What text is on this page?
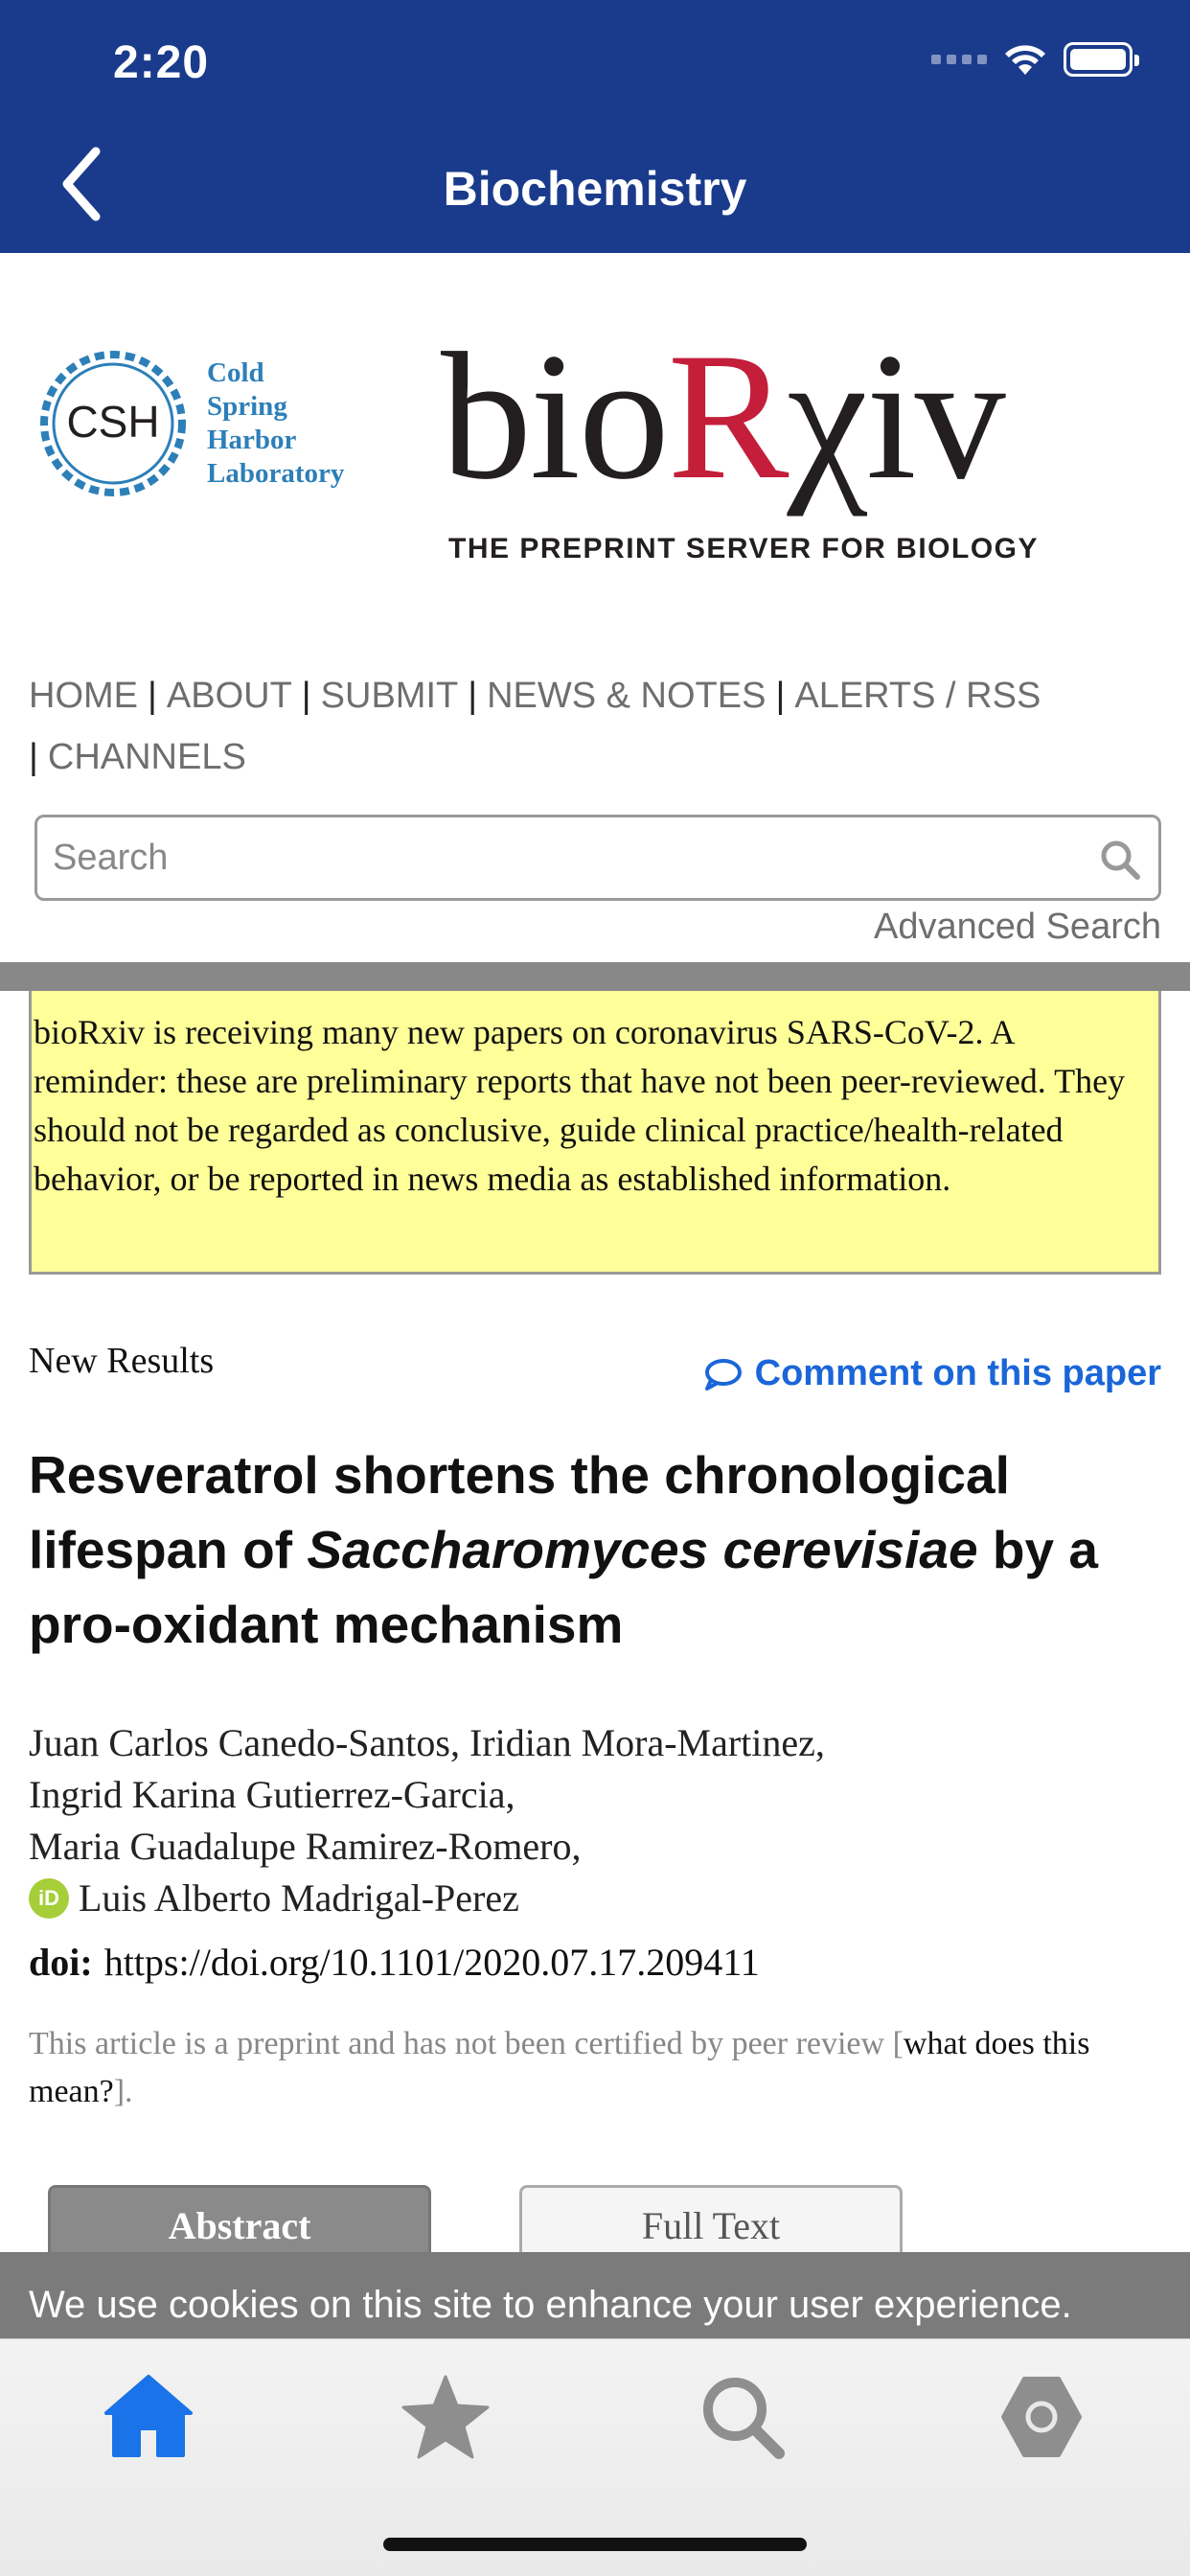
2:20
Biochemistry
CSH
Cold
Spring
Harbor
Laboratory bioRχiv
THE PREPRINT SERVER FOR BIOLOGY
HOME | ABOUT | SUBMIT | NEWS & NOTES | ALERTS / RSS
| CHANNELS
Search
Advanced Search
bioRxiv is receiving many new papers on coronavirus SARS-CoV-2. A reminder: these are preliminary reports that have not been peer-reviewed. They should not be regarded as conclusive, guide clinical practice/health-related behavior, or be reported in news media as established information.
New Results	Comment on this paper
Resveratrol shortens the chronological lifespan of Saccharomyces cerevisiae by a pro-oxidant mechanism
Juan Carlos Canedo-Santos, Iridian Mora-Martinez,
Ingrid Karina Gutierrez-Garcia,
Maria Guadalupe Ramirez-Romero,
iD Luis Alberto Madrigal-Perez
doi: https://doi.org/10.1101/2020.07.17.209411
This article is a preprint and has not been certified by peer review [what does this mean?].
Abstract	Full Text
We use cookies on this site to enhance your user experience.
